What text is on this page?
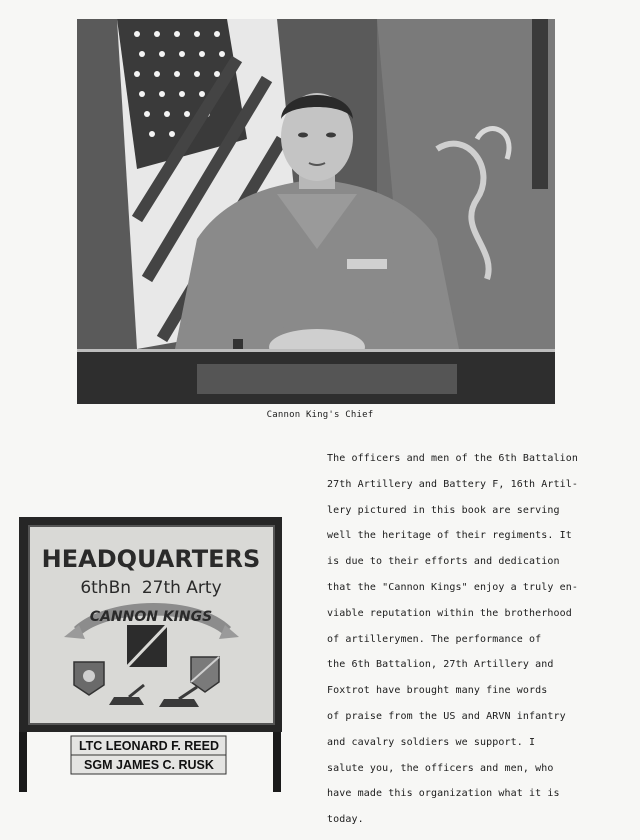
Cannon King's Chief
HEADQUARTERS
6thBn  27th Arty
CANNON KINGS
LTC LEONARD F. REED
SGM JAMES C. RUSK
The officers and men of the 6th Battalion
27th Artillery and Battery F, 16th Artil-
lery pictured in this book are serving
well the heritage of their regiments. It
is due to their efforts and dedication
that the "Cannon Kings" enjoy a truly en-
viable reputation within the brotherhood
of artillerymen. The performance of
the 6th Battalion, 27th Artillery and
Foxtrot have brought many fine words
of praise from the US and ARVN infantry
and cavalry soldiers we support. I
salute you, the officers and men, who
have made this organization what it is
today.
